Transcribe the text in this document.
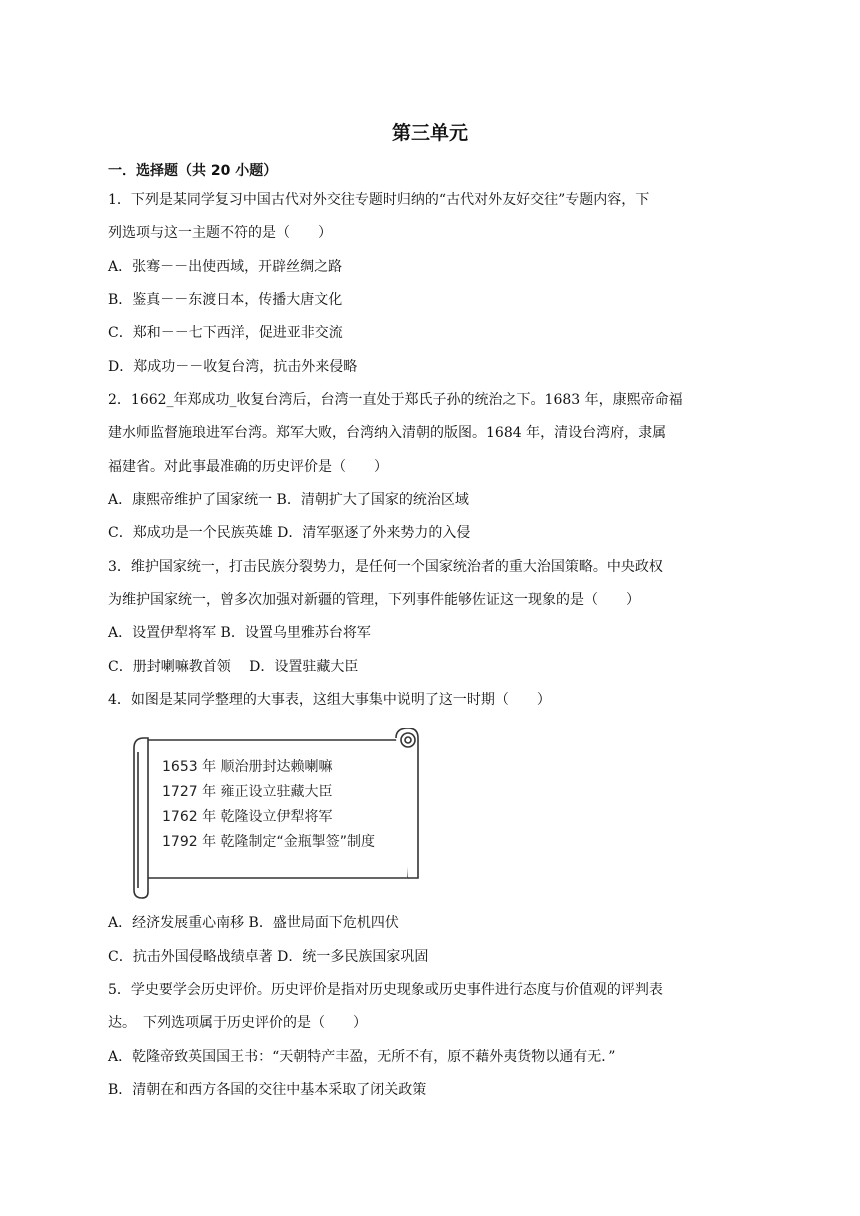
第三单元
一．选择题（共 20 小题）
1．下列是某同学复习中国古代对外交往专题时归纳的“古代对外友好交往”专题内容，下
列选项与这一主题不符的是（　　）
A．张骞－－出使西域，开辟丝绸之路
B．鉴真－－东渡日本，传播大唐文化
C．郑和－－七下西洋，促进亚非交流
D．郑成功－－收复台湾，抗击外来侵略
2．1662_年郑成功_收复台湾后，台湾一直处于郑氏子孙的统治之下。1683 年，康熙帝命福
建水师监督施琅进军台湾。郑军大败，台湾纳入清朝的版图。1684 年，清设台湾府，隶属
福建省。对此事最准确的历史评价是（　　）
A．康熙帝维护了国家统一 B．清朝扩大了国家的统治区域
C．郑成功是一个民族英雄 D．清军驱逐了外来势力的入侵
3．维护国家统一，打击民族分裂势力，是任何一个国家统治者的重大治国策略。中央政权
为维护国家统一，曾多次加强对新疆的管理，下列事件能够佐证这一现象的是（　　）
A．设置伊犁将军 B．设置乌里雅苏台将军
C．册封喇嘛教首领　 D．设置驻藏大臣
4．如图是某同学整理的大事表，这组大事集中说明了这一时期（　　）
1653 年 顺治册封达赖喇嘛
1727 年 雍正设立驻藏大臣
1762 年 乾隆设立伊犁将军
1792 年 乾隆制定“金瓶掣签”制度
A．经济发展重心南移 B．盛世局面下危机四伏
C．抗击外国侵略战绩卓著 D．统一多民族国家巩固
5．学史要学会历史评价。历史评价是指对历史现象或历史事件进行态度与价值观的评判表
达。　下列选项属于历史评价的是（　　）
A．乾隆帝致英国国王书：“天朝特产丰盈，无所不有，原不藉外夷货物以通有无．”
B．清朝在和西方各国的交往中基本采取了闭关政策
